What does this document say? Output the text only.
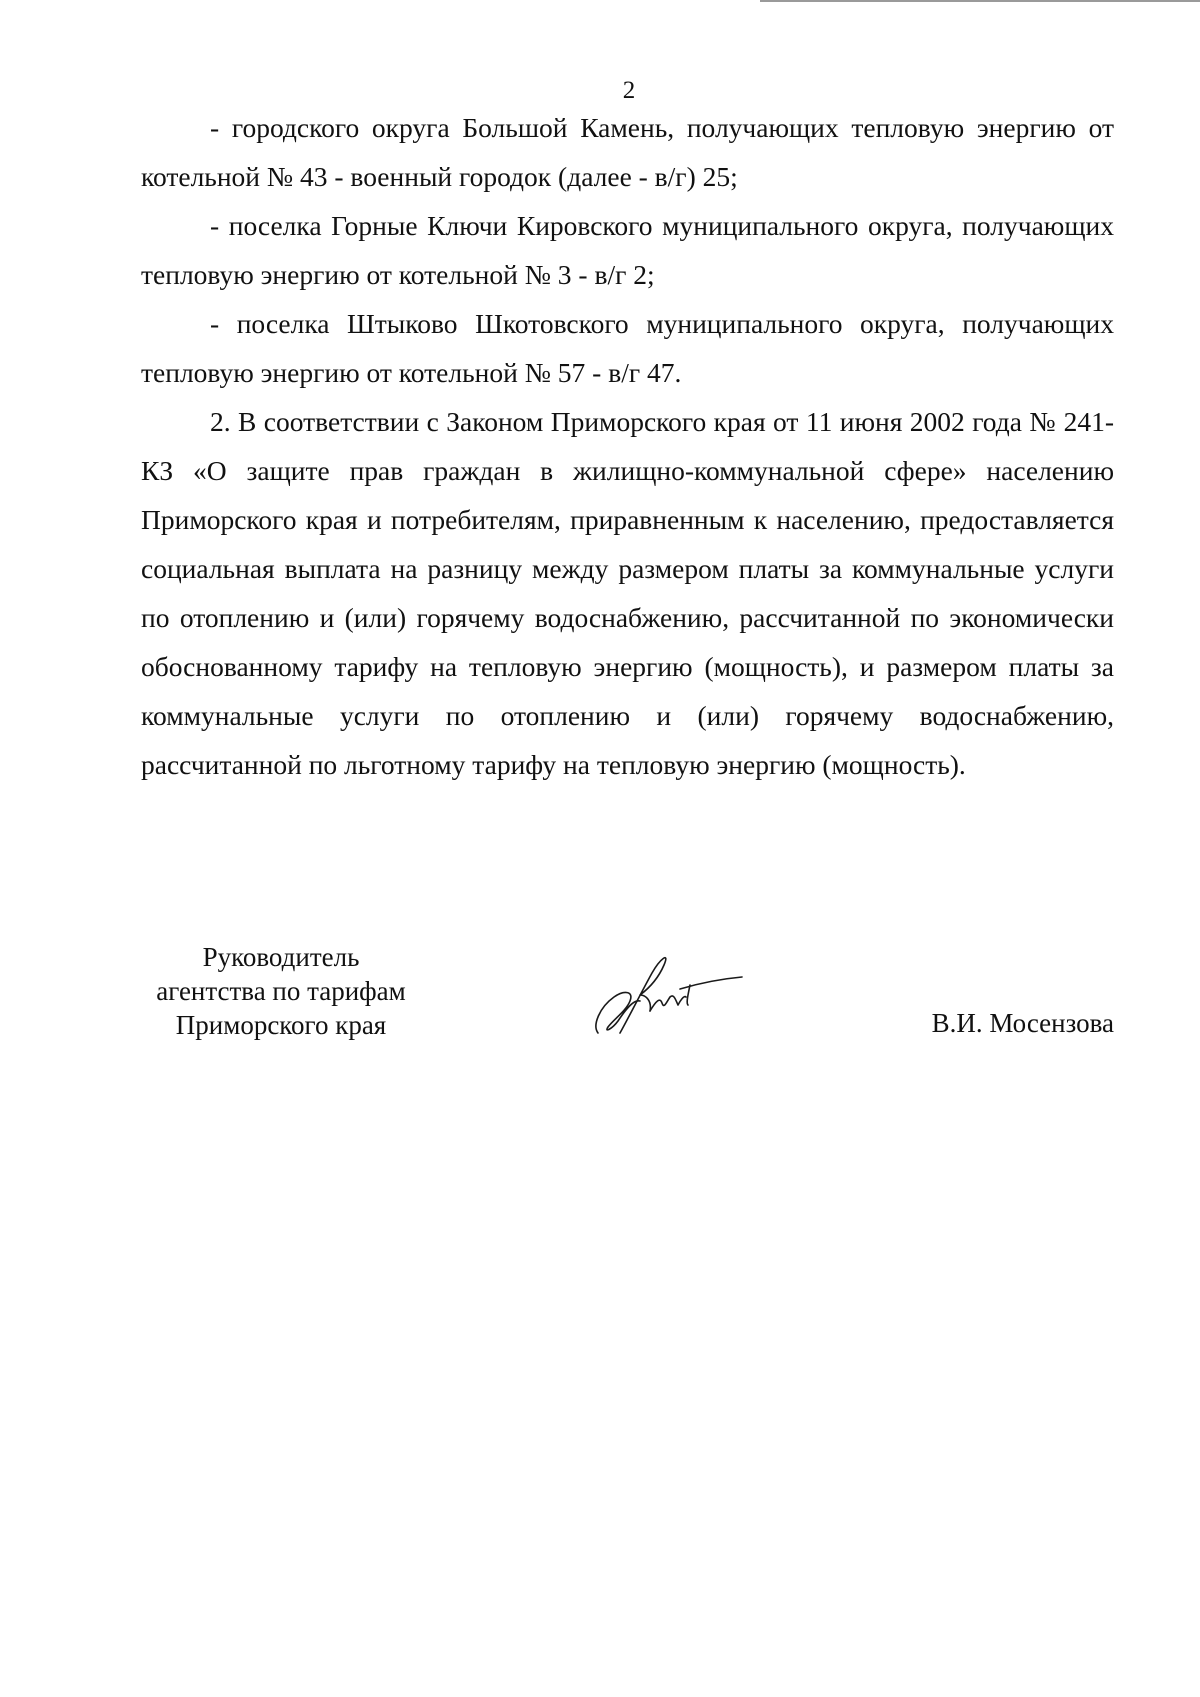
2

- городского округа Большой Камень, получающих тепловую энергию от котельной № 43 - военный городок (далее - в/г) 25;

- поселка Горные Ключи Кировского муниципального округа, получающих тепловую энергию от котельной № 3 - в/г 2;

- поселка Штыково Шкотовского муниципального округа, получающих тепловую энергию от котельной № 57 - в/г 47.

2. В соответствии с Законом Приморского края от 11 июня 2002 года № 241-КЗ «О защите прав граждан в жилищно-коммунальной сфере» населению Приморского края и потребителям, приравненным к населению, предоставляется социальная выплата на разницу между размером платы за коммунальные услуги по отоплению и (или) горячему водоснабжению, рассчитанной по экономически обоснованному тарифу на тепловую энергию (мощность), и размером платы за коммунальные услуги по отоплению и (или) горячему водоснабжению, рассчитанной по льготному тарифу на тепловую энергию (мощность).

Руководитель
агентства по тарифам
Приморского края	В.И. Мосензова
